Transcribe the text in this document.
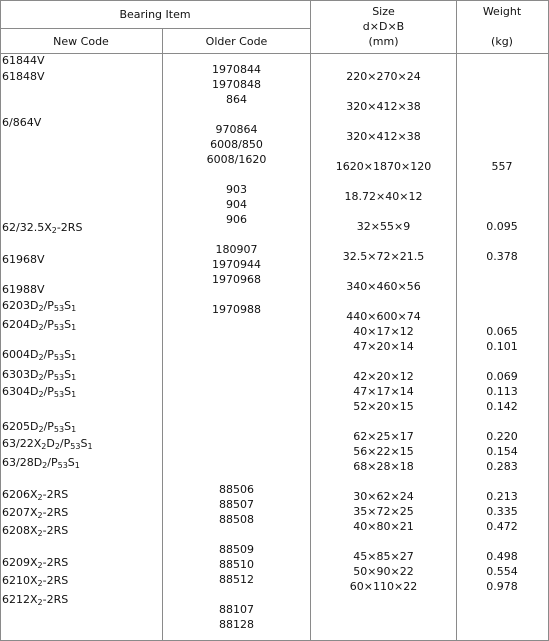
Bearing Item
New Code	Older Code
Size
d×D×B
(mm)
Weight
(kg)
61844V
61848V
6/864V
$62/32.5X_2-2RS$
61968V
61988V
$6203D_2/P_{53}S_1$
$6204D_2/P_{53}S_1$
$6004D_2/P_{53}S_1$
$6303D_2/P_{53}S_1$
$6304D_2/P_{53}S_1$
$6205D_2/P_{53}S_1$
$63/22X_2D_2/P_{53}S_1$
$63/28D_2/P_{53}S_1$
$6206X_2-2RS$
$6207X_2-2RS$
$6208X_2-2RS$
$6209X_2-2RS$
$6210X_2-2RS$
$6212X_2-2RS$
1970844
1970848
864
970864
6008/850
6008/1620
903
904
906
180907
1970944
1970968
1970988
88506
88507
88508
88509
88510
88512
88107
88128
220×270×24
320×412×38
320×412×38
1620×1870×120
18.72×40×12
32×55×9
32.5×72×21.5
340×460×56
440×600×74
40×17×12
47×20×14
42×20×12
47×17×14
52×20×15
62×25×17
56×22×15
68×28×18
30×62×24
35×72×25
40×80×21
45×85×27
50×90×22
60×110×22
557
0.095
0.378
0.065
0.101
0.069
0.113
0.142
0.220
0.154
0.283
0.213
0.335
0.472
0.498
0.554
0.978
